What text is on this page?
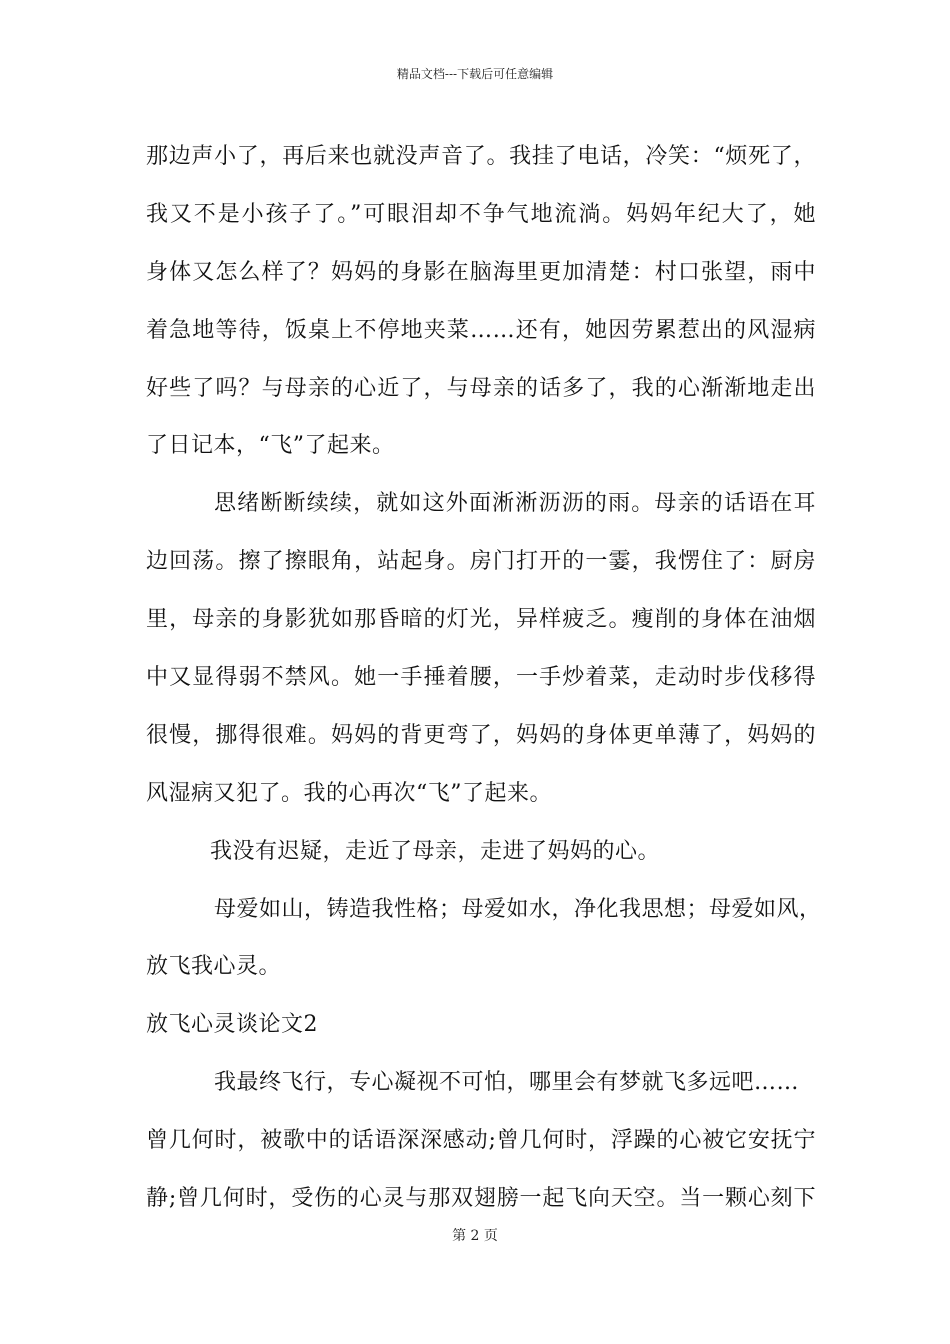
精品文档---下载后可任意编辑
那边声小了，再后来也就没声音了。我挂了电话，冷笑：“烦死了，
我又不是小孩子了。”可眼泪却不争气地流淌。妈妈年纪大了，她
身体又怎么样了？妈妈的身影在脑海里更加清楚：村口张望，雨中
着急地等待，饭桌上不停地夹菜……还有，她因劳累惹出的风湿病
好些了吗？与母亲的心近了，与母亲的话多了，我的心渐渐地走出
了日记本，“飞”了起来。
思绪断断续续，就如这外面淅淅沥沥的雨。母亲的话语在耳
边回荡。擦了擦眼角，站起身。房门打开的一霎，我愣住了：厨房
里，母亲的身影犹如那昏暗的灯光，异样疲乏。瘦削的身体在油烟
中又显得弱不禁风。她一手捶着腰，一手炒着菜，走动时步伐移得
很慢，挪得很难。妈妈的背更弯了，妈妈的身体更单薄了，妈妈的
风湿病又犯了。我的心再次“飞”了起来。
我没有迟疑，走近了母亲，走进了妈妈的心。
母爱如山，铸造我性格；母爱如水，净化我思想；母爱如风，
放飞我心灵。
放飞心灵谈论文2
我最终飞行，专心凝视不可怕，哪里会有梦就飞多远吧……
曾几何时，被歌中的话语深深感动;曾几何时，浮躁的心被它安抚宁
静;曾几何时，受伤的心灵与那双翅膀一起飞向天空。当一颗心刻下
第 2 页
